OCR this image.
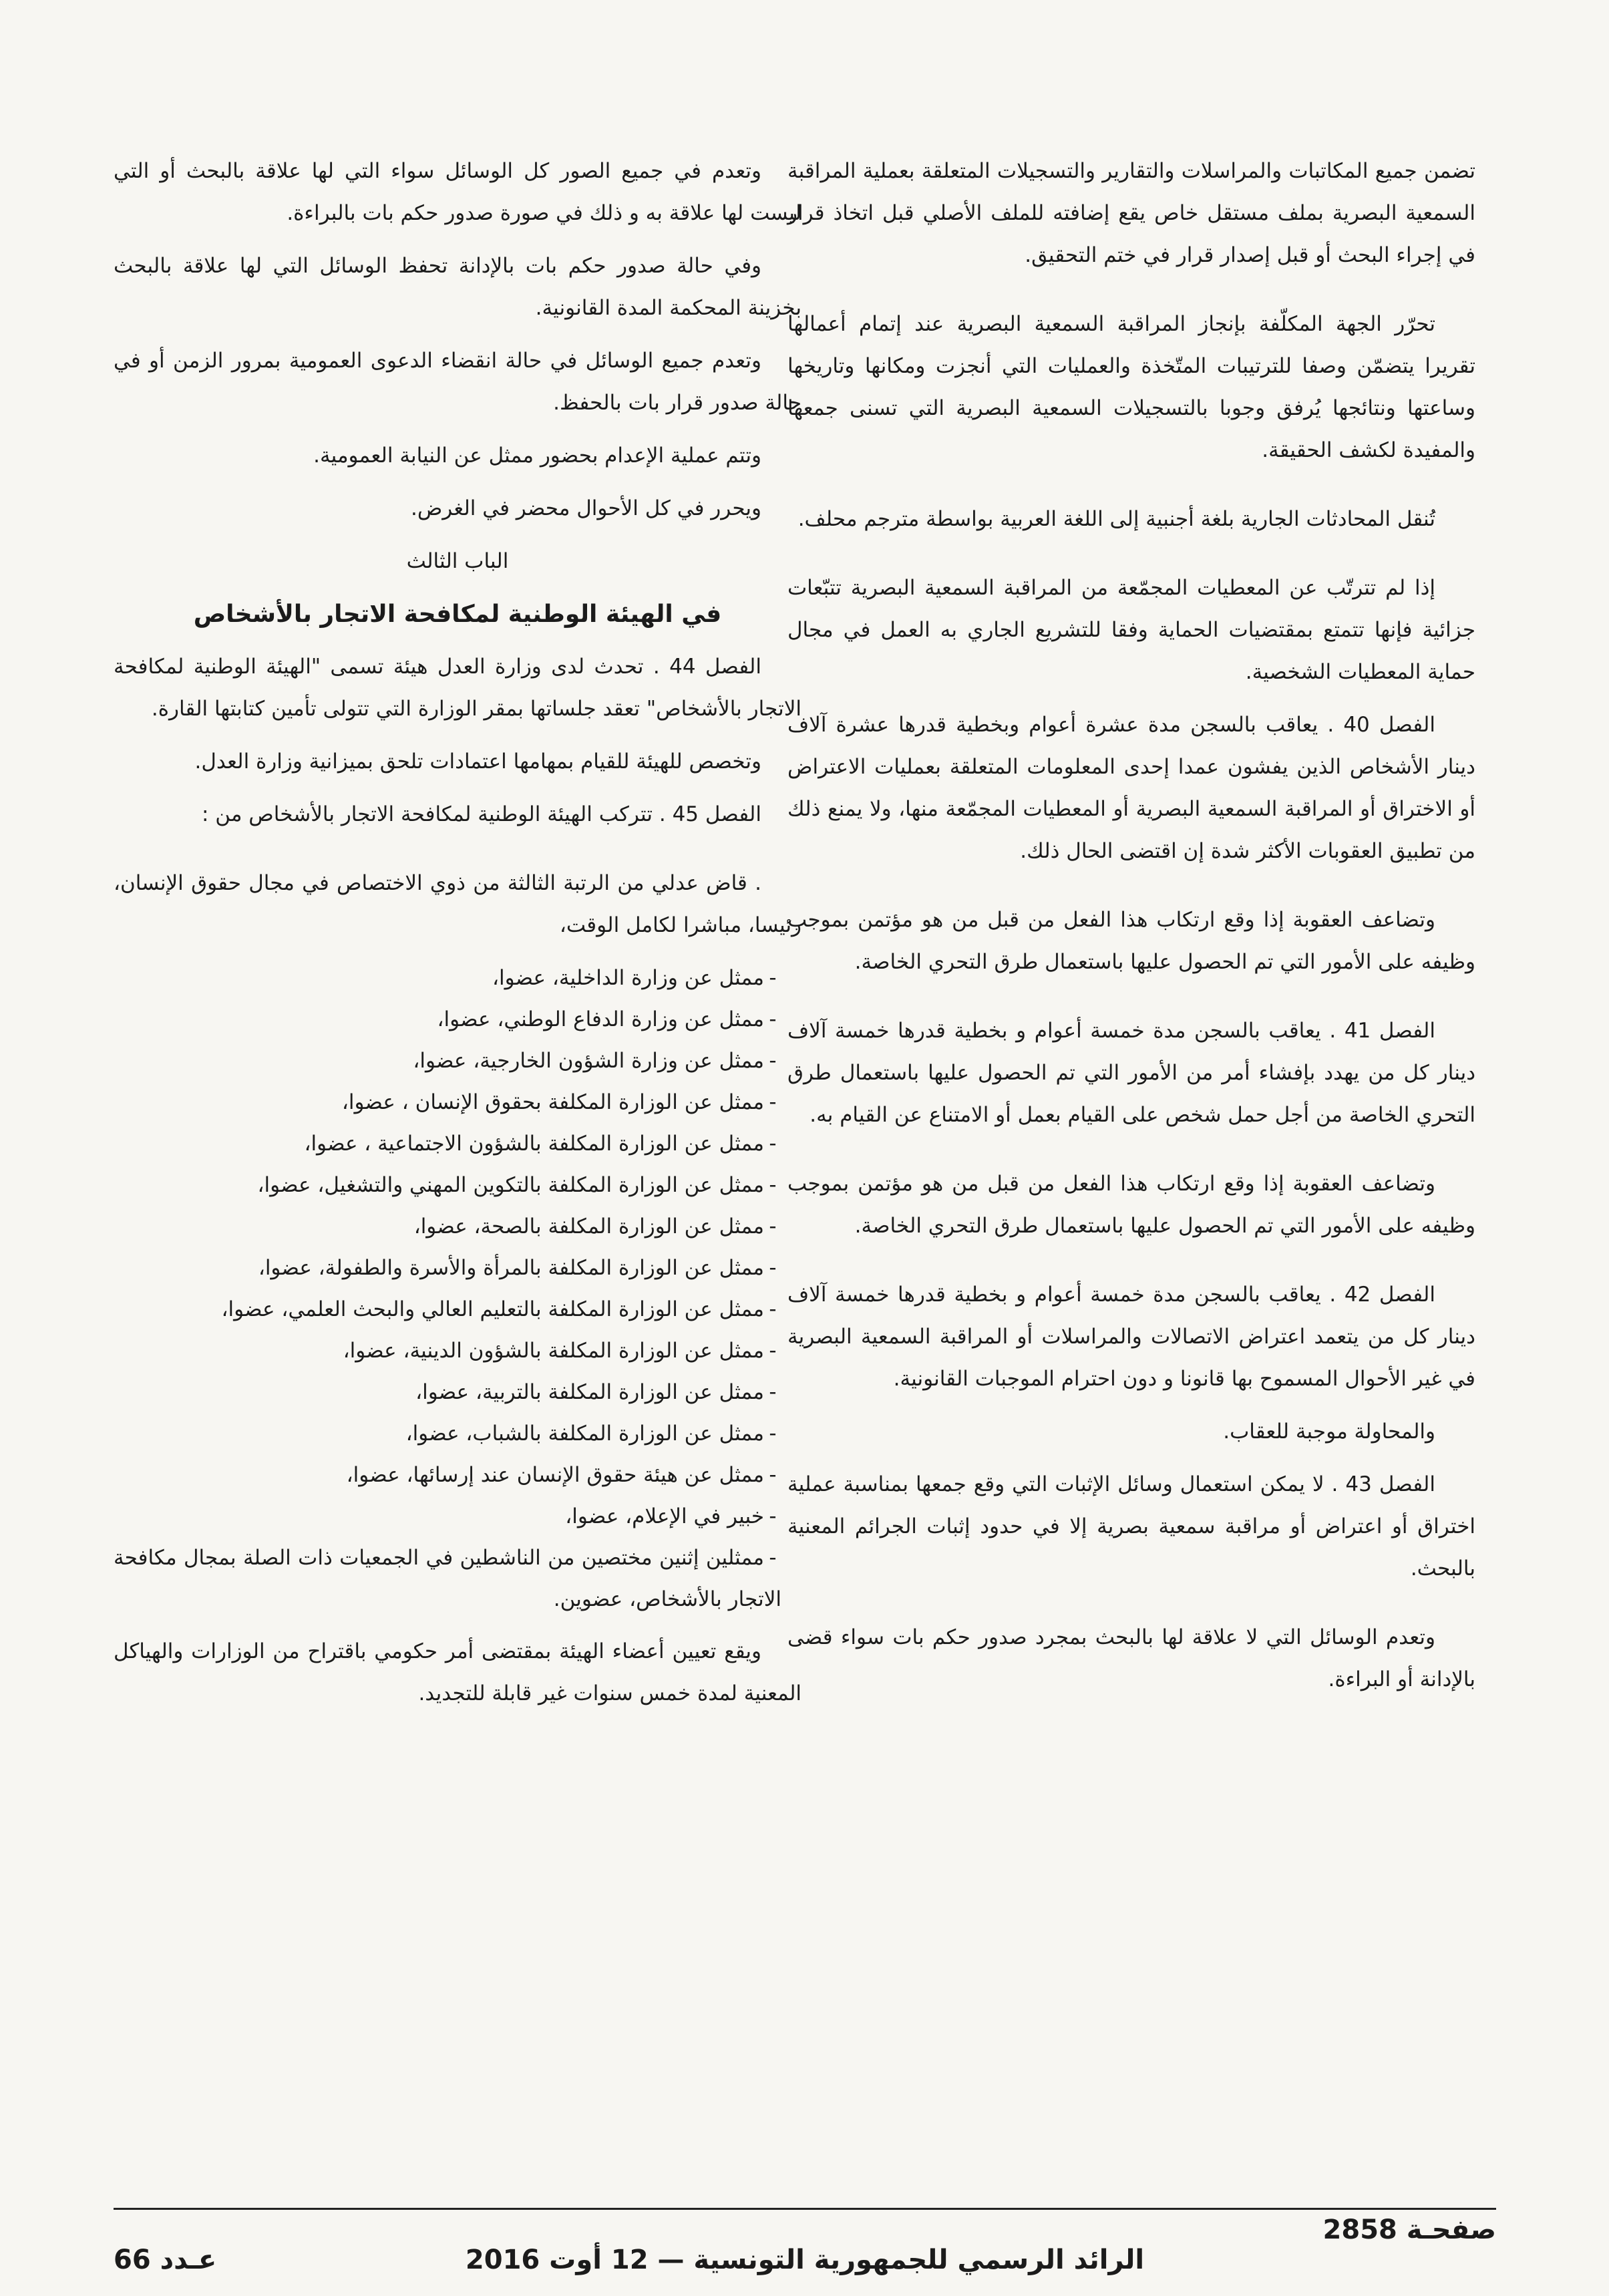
تضمن جميع المكاتبات والمراسلات والتقارير والتسجيلات المتعلقة بعملية المراقبة السمعية البصرية بملف مستقل خاص يقع إضافته للملف الأصلي قبل اتخاذ قرار في إجراء البحث أو قبل إصدار قرار في ختم التحقيق.

تحرّر الجهة المكلّفة بإنجاز المراقبة السمعية البصرية عند إتمام أعمالها تقريرا يتضمّن وصفا للترتيبات المتّخذة والعمليات التي أنجزت ومكانها وتاريخها وساعتها ونتائجها يُرفق وجوبا بالتسجيلات السمعية البصرية التي تسنى جمعها والمفيدة لكشف الحقيقة.

تُنقل المحادثات الجارية بلغة أجنبية إلى اللغة العربية بواسطة مترجم محلف.

إذا لم تترتّب عن المعطيات المجمّعة من المراقبة السمعية البصرية تتبّعات جزائية فإنها تتمتع بمقتضيات الحماية وفقا للتشريع الجاري به العمل في مجال حماية المعطيات الشخصية.

الفصل 40 . يعاقب بالسجن مدة عشرة أعوام وبخطية قدرها عشرة آلاف دينار الأشخاص الذين يفشون عمدا إحدى المعلومات المتعلقة بعمليات الاعتراض أو الاختراق أو المراقبة السمعية البصرية أو المعطيات المجمّعة منها، ولا يمنع ذلك من تطبيق العقوبات الأكثر شدة إن اقتضى الحال ذلك.

وتضاعف العقوبة إذا وقع ارتكاب هذا الفعل من قبل من هو مؤتمن بموجب وظيفه على الأمور التي تم الحصول عليها باستعمال طرق التحري الخاصة.

الفصل 41 . يعاقب بالسجن مدة خمسة أعوام و بخطية قدرها خمسة آلاف دينار كل من يهدد بإفشاء أمر من الأمور التي تم الحصول عليها باستعمال طرق التحري الخاصة من أجل حمل شخص على القيام بعمل أو الامتناع عن القيام به.

وتضاعف العقوبة إذا وقع ارتكاب هذا الفعل من قبل من هو مؤتمن بموجب وظيفه على الأمور التي تم الحصول عليها باستعمال طرق التحري الخاصة.

الفصل 42 . يعاقب بالسجن مدة خمسة أعوام و بخطية قدرها خمسة آلاف دينار كل من يتعمد اعتراض الاتصالات والمراسلات أو المراقبة السمعية البصرية في غير الأحوال المسموح بها قانونا و دون احترام الموجبات القانونية.

والمحاولة موجبة للعقاب.

الفصل 43 . لا يمكن استعمال وسائل الإثبات التي وقع جمعها بمناسبة عملية اختراق أو اعتراض أو مراقبة سمعية بصرية إلا في حدود إثبات الجرائم المعنية بالبحث.

وتعدم الوسائل التي لا علاقة لها بالبحث بمجرد صدور حكم بات سواء قضى بالإدانة أو البراءة.

وتعدم في جميع الصور كل الوسائل سواء التي لها علاقة بالبحث أو التي ليست لها علاقة به و ذلك في صورة صدور حكم بات بالبراءة.

وفي حالة صدور حكم بات بالإدانة تحفظ الوسائل التي لها علاقة بالبحث بخزينة المحكمة المدة القانونية.

وتعدم جميع الوسائل في حالة انقضاء الدعوى العمومية بمرور الزمن أو في حالة صدور قرار بات بالحفظ.

وتتم عملية الإعدام بحضور ممثل عن النيابة العمومية.

ويحرر في كل الأحوال محضر في الغرض.

الباب الثالث

في الهيئة الوطنية لمكافحة الاتجار بالأشخاص

الفصل 44 . تحدث لدى وزارة العدل هيئة تسمى "الهيئة الوطنية لمكافحة الاتجار بالأشخاص" تعقد جلساتها بمقر الوزارة التي تتولى تأمين كتابتها القارة.

وتخصص للهيئة للقيام بمهامها اعتمادات تلحق بميزانية وزارة العدل.

الفصل 45 . تتركب الهيئة الوطنية لمكافحة الاتجار بالأشخاص من :

. قاض عدلي من الرتبة الثالثة من ذوي الاختصاص في مجال حقوق الإنسان، رئيسا، مباشرا لكامل الوقت،

-ممثل عن وزارة الداخلية، عضوا،
-ممثل عن وزارة الدفاع الوطني، عضوا،
-ممثل عن وزارة الشؤون الخارجية، عضوا،
-ممثل عن الوزارة المكلفة بحقوق الإنسان ، عضوا،
-ممثل عن الوزارة المكلفة بالشؤون الاجتماعية ، عضوا،
-ممثل عن الوزارة المكلفة بالتكوين المهني والتشغيل، عضوا،
-ممثل عن الوزارة المكلفة بالصحة، عضوا،
-ممثل عن الوزارة المكلفة بالمرأة والأسرة والطفولة، عضوا،
-ممثل عن الوزارة المكلفة بالتعليم العالي والبحث العلمي، عضوا،
-ممثل عن الوزارة المكلفة بالشؤون الدينية، عضوا،
-ممثل عن الوزارة المكلفة بالتربية، عضوا،
-ممثل عن الوزارة المكلفة بالشباب، عضوا،
-ممثل عن هيئة حقوق الإنسان عند إرسائها، عضوا،
-خبير في الإعلام، عضوا،
-ممثلين إثنين مختصين من الناشطين في الجمعيات ذات الصلة بمجال مكافحة الاتجار بالأشخاص، عضوين.

ويقع تعيين أعضاء الهيئة بمقتضى أمر حكومي باقتراح من الوزارات والهياكل المعنية لمدة خمس سنوات غير قابلة للتجديد.

صفحـة 2858
الرائد الرسمي للجمهورية التونسية — 12 أوت 2016
عـدد 66
